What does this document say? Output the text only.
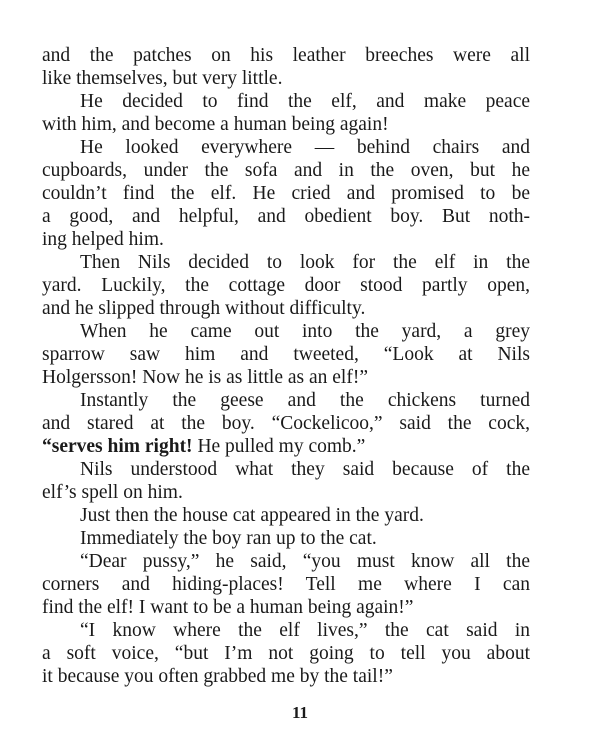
and the patches on his leather breeches were all
like themselves, but very little.
He decided to find the elf, and make peace
with him, and become a human being again!
He looked everywhere — behind chairs and
cupboards, under the sofa and in the oven, but he
couldn’t find the elf. He cried and promised to be
a good, and helpful, and obedient boy. But noth-
ing helped him.
Then Nils decided to look for the elf in the
yard. Luckily, the cottage door stood partly open,
and he slipped through without difficulty.
When he came out into the yard, a grey
sparrow saw him and tweeted, “Look at Nils
Holgersson! Now he is as little as an elf!”
Instantly the geese and the chickens turned
and stared at the boy. “Cockelicoo,” said the cock,
“serves him right! He pulled my comb.”
Nils understood what they said because of the
elf’s spell on him.
Just then the house cat appeared in the yard.
Immediately the boy ran up to the cat.
“Dear pussy,” he said, “you must know all the
corners and hiding-places! Tell me where I can
find the elf! I want to be a human being again!”
“I know where the elf lives,” the cat said in
a soft voice, “but I’m not going to tell you about
it because you often grabbed me by the tail!”
11
